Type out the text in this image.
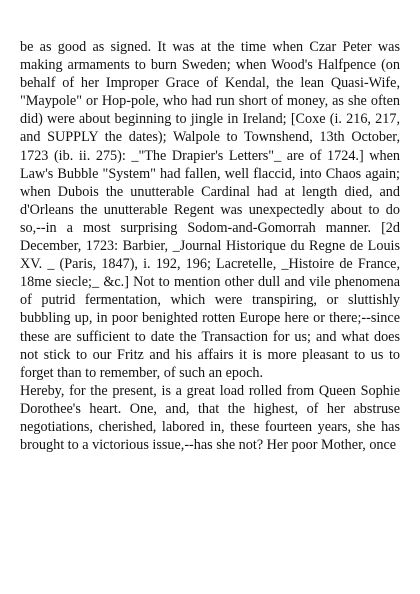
be as good as signed. It was at the time when Czar Peter was making armaments to burn Sweden; when Wood's Halfpence (on behalf of her Improper Grace of Kendal, the lean Quasi-Wife, "Maypole" or Hop-pole, who had run short of money, as she often did) were about beginning to jingle in Ireland; [Coxe (i. 216, 217, and SUPPLY the dates); Walpole to Townshend, 13th October, 1723 (ib. ii. 275): _"The Drapier's Letters"_ are of 1724.] when Law's Bubble "System" had fallen, well flaccid, into Chaos again; when Dubois the unutterable Cardinal had at length died, and d'Orleans the unutterable Regent was unexpectedly about to do so,--in a most surprising Sodom-and-Gomorrah manner. [2d December, 1723: Barbier, _Journal Historique du Regne de Louis XV. _ (Paris, 1847), i. 192, 196; Lacretelle, _Histoire de France, 18me siecle;_ &c.] Not to mention other dull and vile phenomena of putrid fermentation, which were transpiring, or sluttishly bubbling up, in poor benighted rotten Europe here or there;--since these are sufficient to date the Transaction for us; and what does not stick to our Fritz and his affairs it is more pleasant to us to forget than to remember, of such an epoch.

Hereby, for the present, is a great load rolled from Queen Sophie Dorothee's heart. One, and, that the highest, of her abstruse negotiations, cherished, labored in, these fourteen years, she has brought to a victorious issue,--has she not? Her poor Mother, once
